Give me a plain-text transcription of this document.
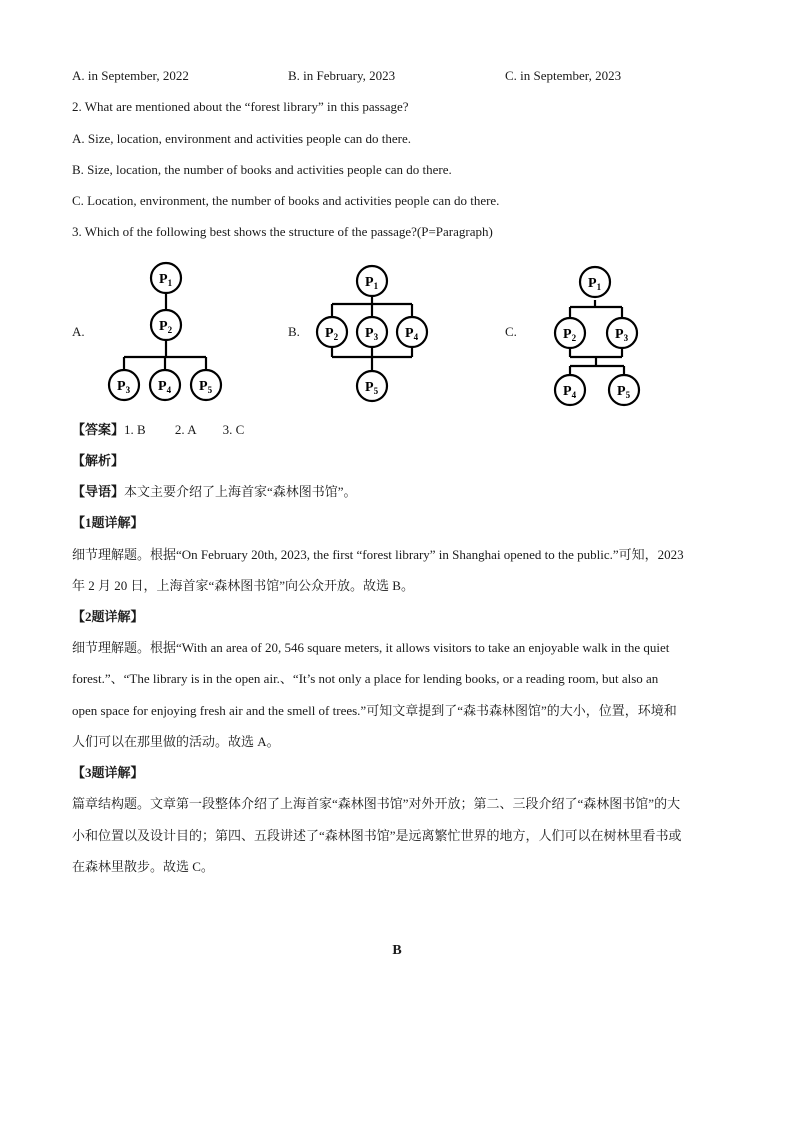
A. in September, 2022	B. in February, 2023	C. in September, 2023
2. What are mentioned about the “forest library” in this passage?
A. Size, location, environment and activities people can do there.
B. Size, location, the number of books and activities people can do there.
C. Location, environment, the number of books and activities people can do there.
3. Which of the following best shows the structure of the passage?(P=Paragraph)
A.	B.	C.
$P_1$
$P_2$
$P_3$ $P_4$ $P_5$
$P_1$
$P_2$ $P_3$ $P_4$
$P_5$
$P_1$
$P_2$	$P_3$
$P_4$	$P_5$
【答案】1. B         2. A        3. C
【解析】
【导语】本文主要介绍了上海首家“森林图书馆”。
【1题详解】
细节理解题。根据“On February 20th, 2023, the first “forest library” in Shanghai opened to the public.”可知，2023
年 2 月 20 日，上海首家“森林图书馆”向公众开放。故选 B。
【2题详解】
细节理解题。根据“With an area of 20, 546 square meters, it allows visitors to take an enjoyable walk in the quiet
forest.”、“The library is in the open air.、“It’s not only a place for lending books, or a reading room, but also an
open space for enjoying fresh air and the smell of trees.”可知文章提到了“森书森林图馆”的大小，位置，环境和
人们可以在那里做的活动。故选 A。
【3题详解】
篇章结构题。文章第一段整体介绍了上海首家“森林图书馆”对外开放；第二、三段介绍了“森林图书馆”的大
小和位置以及设计目的；第四、五段讲述了“森林图书馆”是远离繁忙世界的地方，人们可以在树林里看书或
在森林里散步。故选 C。
B
